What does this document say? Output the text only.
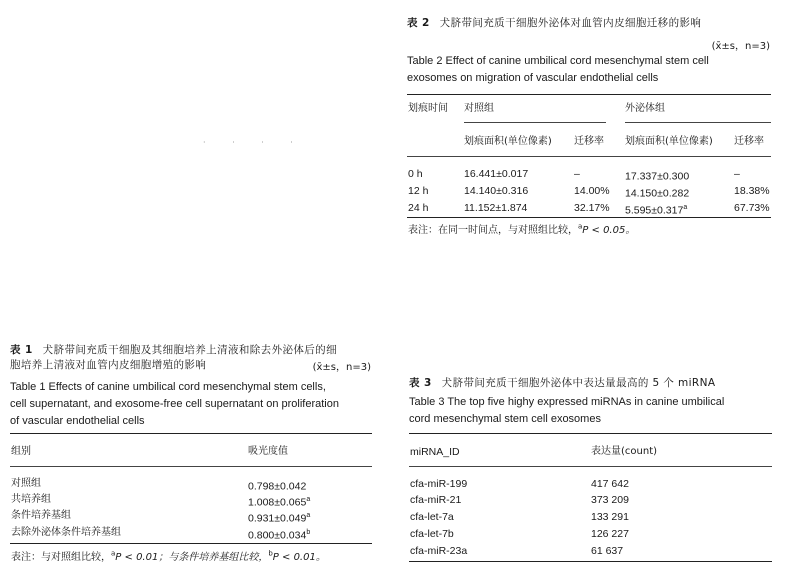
· · · ·
表 2 犬脐带间充质干细胞外泌体对血管内皮细胞迁移的影响
(x̄±s，n=3)
Table 2 Effect of canine umbilical cord mesenchymal stem cell
exosomes on migration of vascular endothelial cells
划痕时间 对照组	外泌体组
划痕面积(单位像素) 迁移率 划痕面积(单位像素) 迁移率
0 h	16.441±0.017	–	17.337±0.300	–
12 h	14.140±0.316	14.00% 14.150±0.282	18.38%
24 h	11.152±1.874	32.17% 5.595±0.317$^a$	67.73%
表注：在同一时间点，与对照组比较，$^a$P < 0.05。
表 1 犬脐带间充质干细胞及其细胞培养上清液和除去外泌体后的细
胞培养上清液对血管内皮细胞增殖的影响	(x̄±s，n=3)
Table 1 Effects of canine umbilical cord mesenchymal stem cells,
cell supernatant, and exosome-free cell supernatant on proliferation
of vascular endothelial cells
组别	吸光度值
对照组	0.798±0.042
共培养组	1.008±0.065$^a$
条件培养基组	0.931±0.049$^a$
去除外泌体条件培养基组	0.800±0.034$^b$
表注：与对照组比较，$^a$P < 0.01；与条件培养基组比较，$^b$P < 0.01。
表 3 犬脐带间充质干细胞外泌体中表达量最高的 5 个 miRNA
Table 3 The top five highy expressed miRNAs in canine umbilical
cord mesenchymal stem cell exosomes
miRNA_ID	表达量(count)
cfa-miR-199	417 642
cfa-miR-21	373 209
cfa-let-7a	133 291
cfa-let-7b	126 227
cfa-miR-23a	61 637
